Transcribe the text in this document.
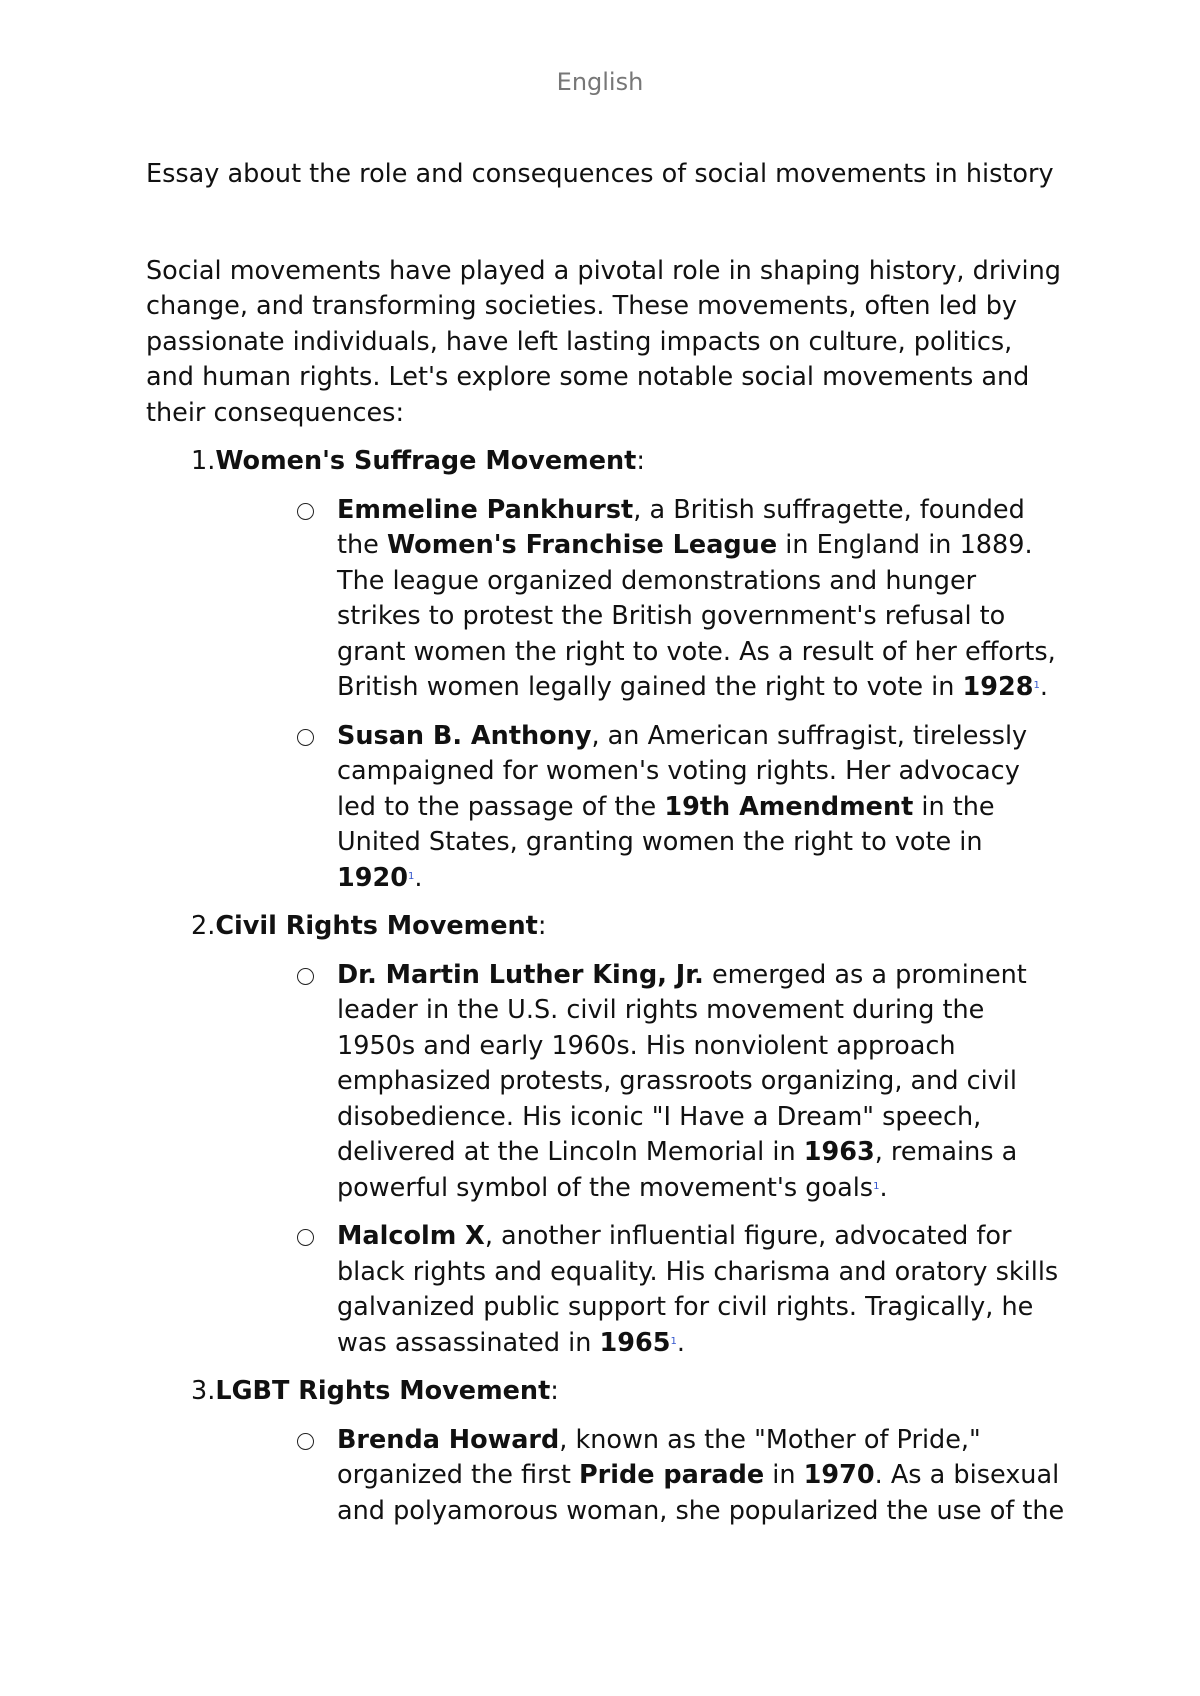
English

Essay about the role and consequences of social movements in history

Social movements have played a pivotal role in shaping history, driving change, and transforming societies. These movements, often led by passionate individuals, have left lasting impacts on culture, politics, and human rights. Let's explore some notable social movements and their consequences:

1.Women's Suffrage Movement:
Emmeline Pankhurst, a British suffragette, founded the Women's Franchise League in England in 1889. The league organized demonstrations and hunger strikes to protest the British government's refusal to grant women the right to vote. As a result of her efforts, British women legally gained the right to vote in 1928$^1$.
Susan B. Anthony, an American suffragist, tirelessly campaigned for women's voting rights. Her advocacy led to the passage of the 19th Amendment in the United States, granting women the right to vote in 1920$^1$.
2.Civil Rights Movement:
Dr. Martin Luther King, Jr. emerged as a prominent leader in the U.S. civil rights movement during the 1950s and early 1960s. His nonviolent approach emphasized protests, grassroots organizing, and civil disobedience. His iconic "I Have a Dream" speech, delivered at the Lincoln Memorial in 1963, remains a powerful symbol of the movement's goals$^1$.
Malcolm X, another influential figure, advocated for black rights and equality. His charisma and oratory skills galvanized public support for civil rights. Tragically, he was assassinated in 1965$^1$.
3.LGBT Rights Movement:
Brenda Howard, known as the "Mother of Pride," organized the first Pride parade in 1970. As a bisexual and polyamorous woman, she popularized the use of the
